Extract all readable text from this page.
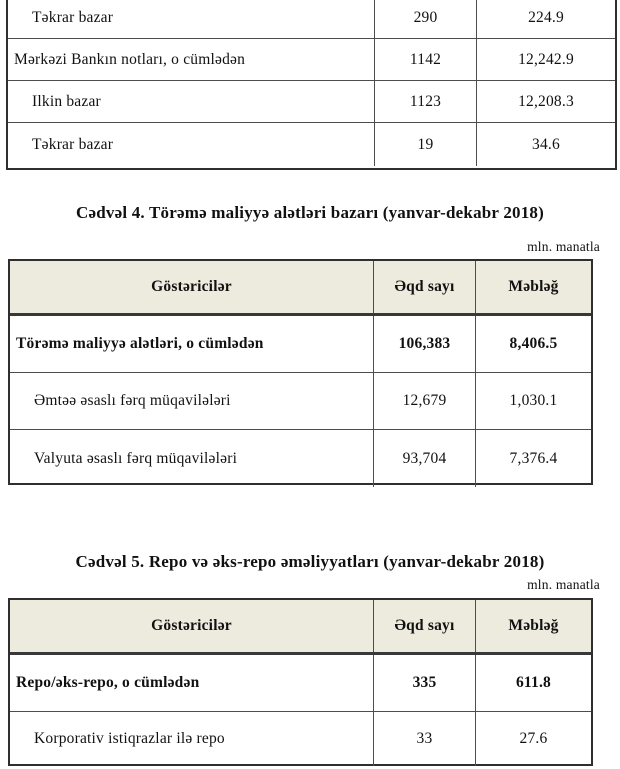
Təkrar bazar	290	224.9
Mərkəzi Bankın notları, o cümlədən	1142	12,242.9
Ilkin bazar	1123	12,208.3
Təkrar bazar	19	34.6
Cədvəl 4. Törəmə maliyyə alətləri bazarı (yanvar-dekabr 2018)
mln. manatla
Göstəricilər	Əqd sayı	Məbləğ
Törəmə maliyyə alətləri, o cümlədən	106,383	8,406.5
Əmtəə əsaslı fərq müqavilələri	12,679	1,030.1
Valyuta əsaslı fərq müqavilələri	93,704	7,376.4
Cədvəl 5. Repo və əks-repo əməliyyatları (yanvar-dekabr 2018)
mln. manatla
Göstəricilər	Əqd sayı	Məbləğ
Repo/əks-repo, o cümlədən	335	611.8
Korporativ istiqrazlar ilə repo	33	27.6
